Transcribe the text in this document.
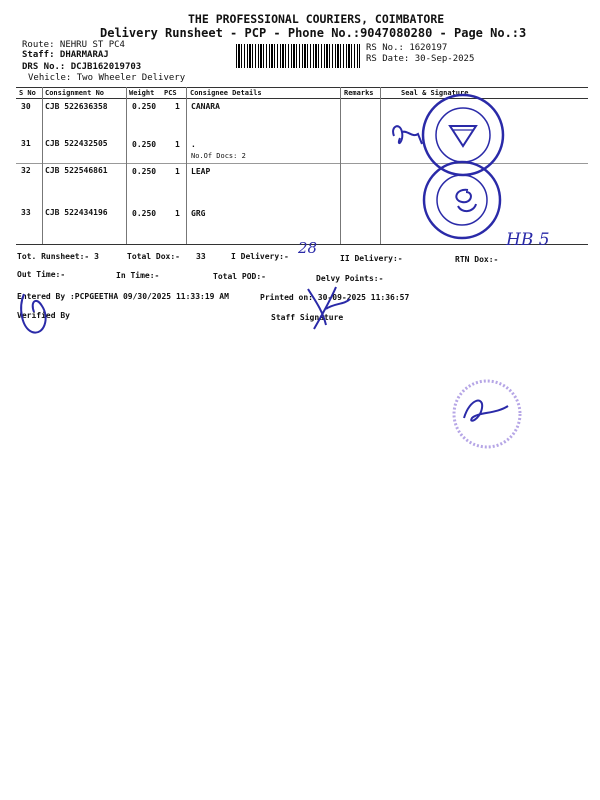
THE PROFESSIONAL COURIERS, COIMBATORE
Delivery Runsheet - PCP - Phone No.:9047080280 - Page No.:3
Route: NEHRU ST PC4
Staff: DHARMARAJ
DRS No.: DCJB162019703
Vehicle: Two Wheeler Delivery
RS No.: 1620197
RS Date: 30-Sep-2025
S No Consignment No	Weight PCS Consignee Details	Remarks	Seal & Signature
30 CJB 522636358	0.250 1 CANARA
31 CJB 522432505	0.250 1 .
No.Of Docs: 2
32 CJB 522546861	0.250 1 LEAP
33 CJB 522434196	0.250 1 GRG
Tot. Runsheet:- 3	Total Dox:- 33	I Delivery:- 28
II Delivery:-	RTN Dox:-
HB 5
Out Time:-	In Time:-	Total POD:-	Delvy Points:-
Entered By :PCPGEETHA 09/30/2025 11:33:19 AM	Printed on: 30-09-2025 11:36:57
Verified By	Staff Signature
